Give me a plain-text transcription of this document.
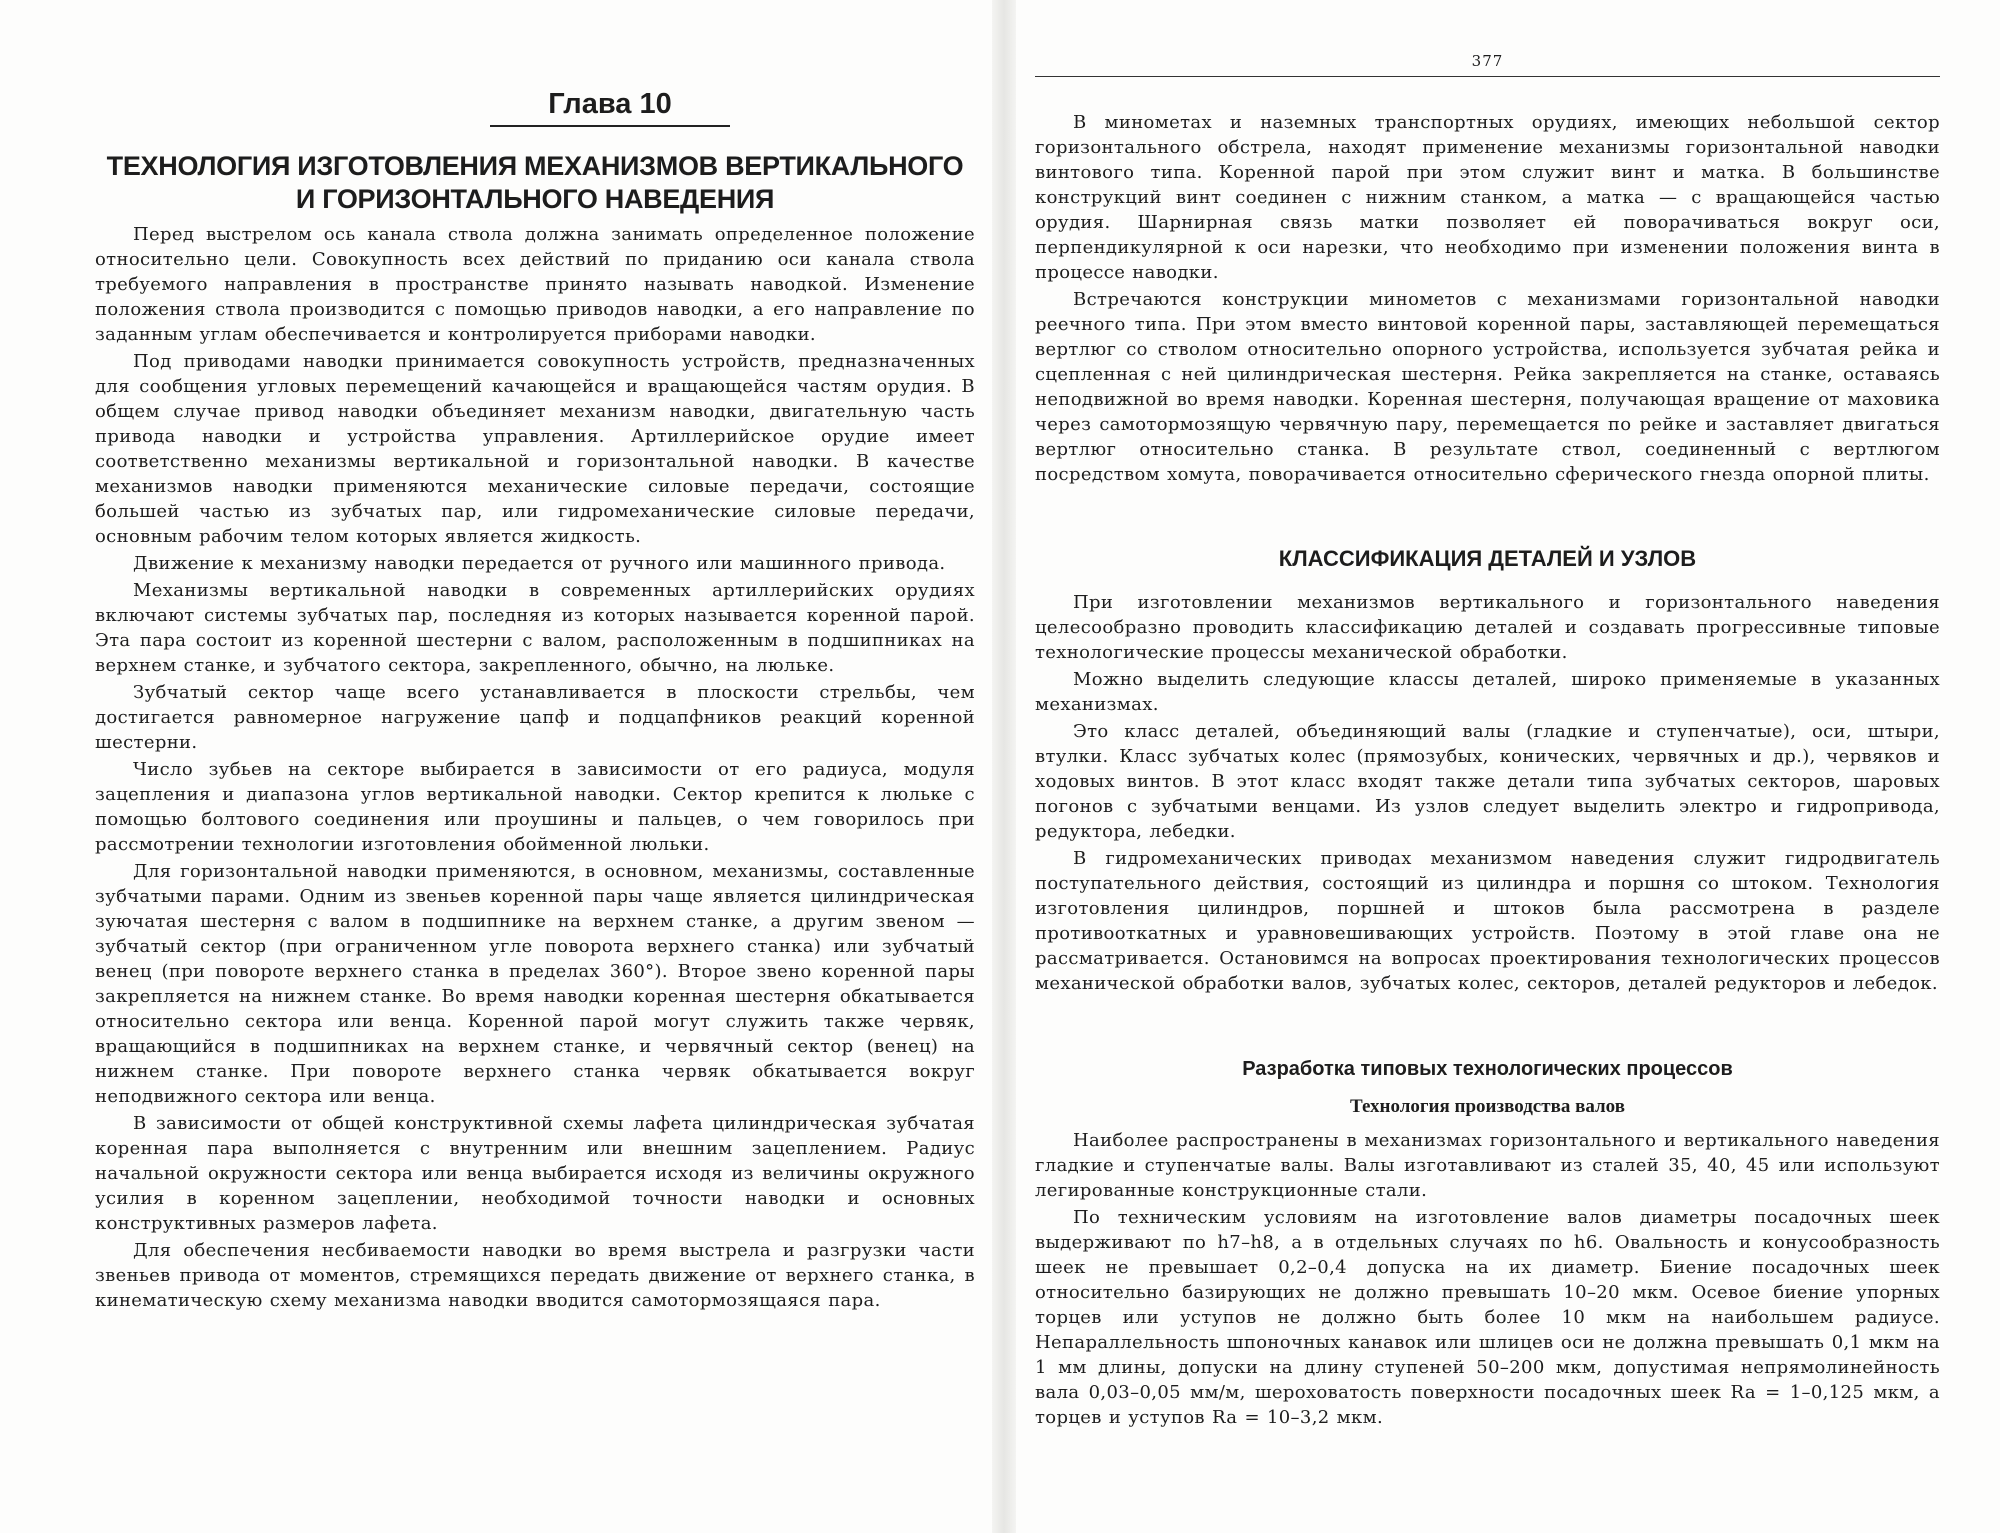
Глава 10
ТЕХНОЛОГИЯ ИЗГОТОВЛЕНИЯ МЕХАНИЗМОВ ВЕРТИКАЛЬНОГО
И ГОРИЗОНТАЛЬНОГО НАВЕДЕНИЯ

Перед выстрелом ось канала ствола должна занимать определенное положение относительно цели. Совокупность всех действий по приданию оси канала ствола требуемого направления в пространстве принято называть наводкой. Изменение положения ствола производится с помощью приводов наводки, а его направление по заданным углам обеспечивается и контролируется приборами наводки.

Под приводами наводки принимается совокупность устройств, предназначенных для сообщения угловых перемещений качающейся и вращающейся частям орудия. В общем случае привод наводки объединяет механизм наводки, двигательную часть привода наводки и устройства управления. Артиллерийское орудие имеет соответственно механизмы вертикальной и горизонтальной наводки. В качестве механизмов наводки применяются механические силовые передачи, состоящие большей частью из зубчатых пар, или гидромеханические силовые передачи, основным рабочим телом которых является жидкость.

Движение к механизму наводки передается от ручного или машинного привода.

Механизмы вертикальной наводки в современных артиллерийских орудиях включают системы зубчатых пар, последняя из которых называется коренной парой. Эта пара состоит из коренной шестерни с валом, расположенным в подшипниках на верхнем станке, и зубчатого сектора, закрепленного, обычно, на люльке.

Зубчатый сектор чаще всего устанавливается в плоскости стрельбы, чем достигается равномерное нагружение цапф и подцапфников реакций коренной шестерни.

Число зубьев на секторе выбирается в зависимости от его радиуса, модуля зацепления и диапазона углов вертикальной наводки. Сектор крепится к люльке с помощью болтового соединения или проушины и пальцев, о чем говорилось при рассмотрении технологии изготовления обойменной люльки.

Для горизонтальной наводки применяются, в основном, механизмы, составленные зубчатыми парами. Одним из звеньев коренной пары чаще является цилиндрическая зуючатая шестерня с валом в подшипнике на верхнем станке, а другим звеном — зубчатый сектор (при ограниченном угле поворота верхнего станка) или зубчатый венец (при повороте верхнего станка в пределах 360°). Второе звено коренной пары закрепляется на нижнем станке. Во время наводки коренная шестерня обкатывается относительно сектора или венца. Коренной парой могут служить также червяк, вращающийся в подшипниках на верхнем станке, и червячный сектор (венец) на нижнем станке. При повороте верхнего станка червяк обкатывается вокруг неподвижного сектора или венца.

В зависимости от общей конструктивной схемы лафета цилиндрическая зубчатая коренная пара выполняется с внутренним или внешним зацеплением. Радиус начальной окружности сектора или венца выбирается исходя из величины окружного усилия в коренном зацеплении, необходимой точности наводки и основных конструктивных размеров лафета.

Для обеспечения несбиваемости наводки во время выстрела и разгрузки части звеньев привода от моментов, стремящихся передать движение от верхнего станка, в кинематическую схему механизма наводки вводится самотормозящаяся пара.

377

В минометах и наземных транспортных орудиях, имеющих небольшой сектор горизонтального обстрела, находят применение механизмы горизонтальной наводки винтового типа. Коренной парой при этом служит винт и матка. В большинстве конструкций винт соединен с нижним станком, а матка — с вращающейся частью орудия. Шарнирная связь матки позволяет ей поворачиваться вокруг оси, перпендикулярной к оси нарезки, что необходимо при изменении положения винта в процессе наводки.

Встречаются конструкции минометов с механизмами горизонтальной наводки реечного типа. При этом вместо винтовой коренной пары, заставляющей перемещаться вертлюг со стволом относительно опорного устройства, используется зубчатая рейка и сцепленная с ней цилиндрическая шестерня. Рейка закрепляется на станке, оставаясь неподвижной во время наводки. Коренная шестерня, получающая вращение от маховика через самотормозящую червячную пару, перемещается по рейке и заставляет двигаться вертлюг относительно станка. В результате ствол, соединенный с вертлюгом посредством хомута, поворачивается относительно сферического гнезда опорной плиты.

КЛАССИФИКАЦИЯ ДЕТАЛЕЙ И УЗЛОВ

При изготовлении механизмов вертикального и горизонтального наведения целесообразно проводить классификацию деталей и создавать прогрессивные типовые технологические процессы механической обработки.

Можно выделить следующие классы деталей, широко применяемые в указанных механизмах.

Это класс деталей, объединяющий валы (гладкие и ступенчатые), оси, штыри, втулки. Класс зубчатых колес (прямозубых, конических, червячных и др.), червяков и ходовых винтов. В этот класс входят также детали типа зубчатых секторов, шаровых погонов с зубчатыми венцами. Из узлов следует выделить электро и гидропривода, редуктора, лебедки.

В гидромеханических приводах механизмом наведения служит гидродвигатель поступательного действия, состоящий из цилиндра и поршня со штоком. Технология изготовления цилиндров, поршней и штоков была рассмотрена в разделе противооткатных и уравновешивающих устройств. Поэтому в этой главе она не рассматривается. Остановимся на вопросах проектирования технологических процессов механической обработки валов, зубчатых колес, секторов, деталей редукторов и лебедок.

Разработка типовых технологических процессов
Технология производства валов

Наиболее распространены в механизмах горизонтального и вертикального наведения гладкие и ступенчатые валы. Валы изготавливают из сталей 35, 40, 45 или используют легированные конструкционные стали.

По техническим условиям на изготовление валов диаметры посадочных шеек выдерживают по h7–h8, а в отдельных случаях по h6. Овальность и конусообразность шеек не превышает 0,2–0,4 допуска на их диаметр. Биение посадочных шеек относительно базирующих не должно превышать 10–20 мкм. Осевое биение упорных торцев или уступов не должно быть более 10 мкм на наибольшем радиусе. Непараллельность шпоночных канавок или шлицев оси не должна превышать 0,1 мкм на 1 мм длины, допуски на длину ступеней 50–200 мкм, допустимая непрямолинейность вала 0,03–0,05 мм/м, шероховатость поверхности посадочных шеек Ra = 1–0,125 мкм, а торцев и уступов Ra = 10–3,2 мкм.
